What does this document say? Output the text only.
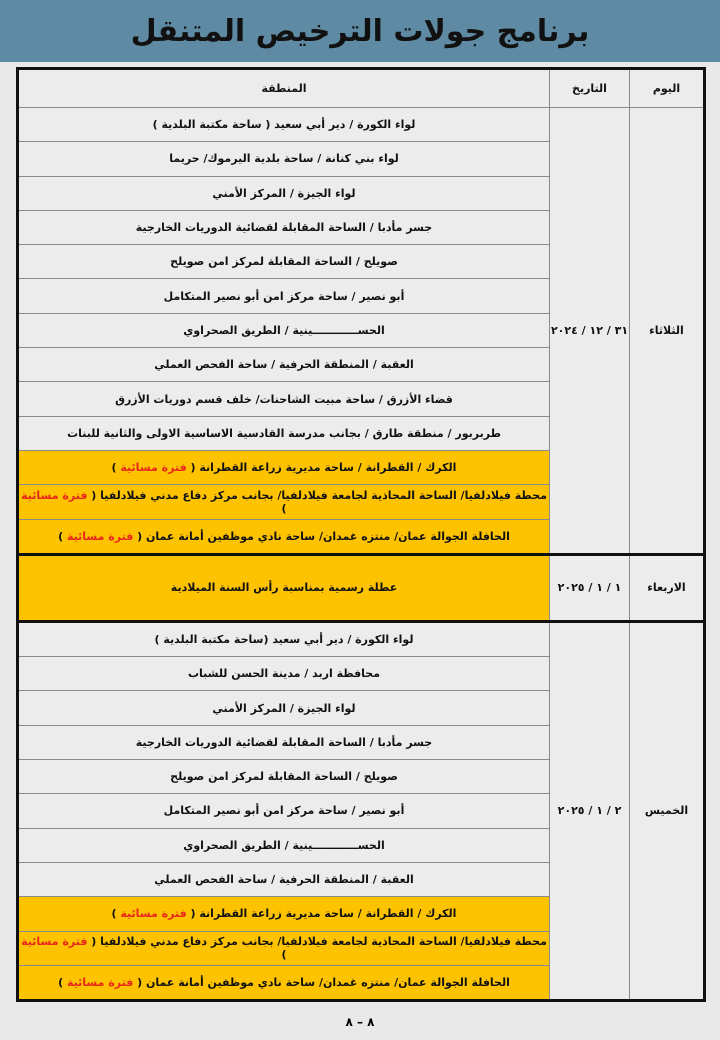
برنامج جولات الترخيص المتنقل
اليوم	التاريخ	المنطقة
الثلاثاء	٣١ / ١٢ / ٢٠٢٤	لواء الكورة / دير أبي سعيد ( ساحة مكتبة البلدية )
		لواء بني كنانة / ساحة بلدية اليرموك/ حريما
		لواء الجيزة / المركز الأمني
		جسر مأدبا / الساحة المقابلة لقضائية الدوريات الخارجية
		صويلح / الساحة المقابلة لمركز امن صويلح
		أبو نصير / ساحة مركز امن أبو نصير المتكامل
		الحســــــــــــينية / الطريق الصحراوي
		العقبة / المنطقة الحرفية / ساحة الفحص العملي
		قضاء الأزرق / ساحة مبيت الشاحنات/ خلف قسم دوريات الأزرق
		طربربور / منطقة طارق / بجانب مدرسة القادسية الاساسية الاولى والثانية للبنات
		الكرك / القطرانة / ساحة مديرية زراعة القطرانة ( فترة مسائية )
		محطة فيلادلفيا/ الساحة المحاذية لجامعة فيلادلفيا/ بجانب مركز دفاع مدني فيلادلفيا ( فترة مسائية )
		الحافلة الجوالة عمان/ منتزه غمدان/ ساحة نادي موظفين أمانة عمان ( فترة مسائية )
الاربعاء	١ / ١ / ٢٠٢٥	عطلة رسمية بمناسبة رأس السنة الميلادية
الخميس	٢ / ١ / ٢٠٢٥	لواء الكورة / دير أبي سعيد (ساحة مكتبة البلدية )
		محافظة اربد / مدينة الحسن للشباب
		لواء الجيزة / المركز الأمني
		جسر مأدبا / الساحة المقابلة لقضائية الدوريات الخارجية
		صويلح / الساحة المقابلة لمركز امن صويلح
		أبو نصير / ساحة مركز امن أبو نصير المتكامل
		الحســــــــــــينية / الطريق الصحراوي
		العقبة / المنطقة الحرفية / ساحة الفحص العملي
		الكرك / القطرانة / ساحة مديرية زراعة القطرانة ( فترة مسائية )
		محطة فيلادلفيا/ الساحة المحاذية لجامعة فيلادلفيا/ بجانب مركز دفاع مدني فيلادلفيا ( فترة مسائية )
		الحافلة الجوالة عمان/ منتزه غمدان/ ساحة نادي موظفين أمانة عمان ( فترة مسائية )
٨ – ٨
